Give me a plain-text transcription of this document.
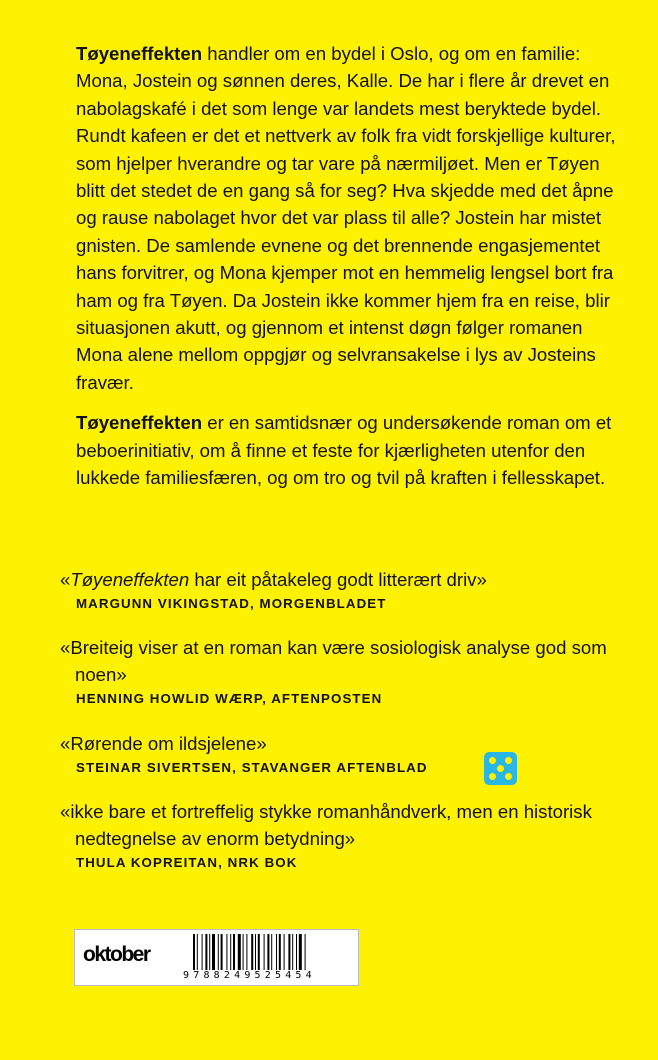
Tøyeneffekten handler om en bydel i Oslo, og om en familie: Mona, Jostein og sønnen deres, Kalle. De har i flere år drevet en nabolagskafé i det som lenge var landets mest beryktede bydel. Rundt kafeen er det et nettverk av folk fra vidt forskjellige kulturer, som hjelper hverandre og tar vare på nærmiljøet. Men er Tøyen blitt det stedet de en gang så for seg? Hva skjedde med det åpne og rause nabolaget hvor det var plass til alle? Jostein har mistet gnisten. De samlende evnene og det brennende engasjementet hans forvitrer, og Mona kjemper mot en hemmelig lengsel bort fra ham og fra Tøyen. Da Jostein ikke kommer hjem fra en reise, blir situasjonen akutt, og gjennom et intenst døgn følger romanen Mona alene mellom oppgjør og selvransakelse i lys av Josteins fravær.

Tøyeneffekten er en samtidsnær og undersøkende roman om et beboerinitiativ, om å finne et feste for kjærligheten utenfor den lukkede familiesfæren, og om tro og tvil på kraften i fellesskapet.

«Tøyeneffekten har eit påtakeleg godt litterært driv»
MARGUNN VIKINGSTAD, MORGENBLADET
«Breiteig viser at en roman kan være sosiologisk analyse god som noen»
HENNING HOWLID WÆRP, AFTENPOSTEN
«Rørende om ildsjelene»
STEINAR SIVERTSEN, STAVANGER AFTENBLAD
«ikke bare et fortreffelig stykke romanhåndverk, men en historisk nedtegnelse av enorm betydning»
THULA KOPREITAN, NRK BOK
oktober
9788249525454
